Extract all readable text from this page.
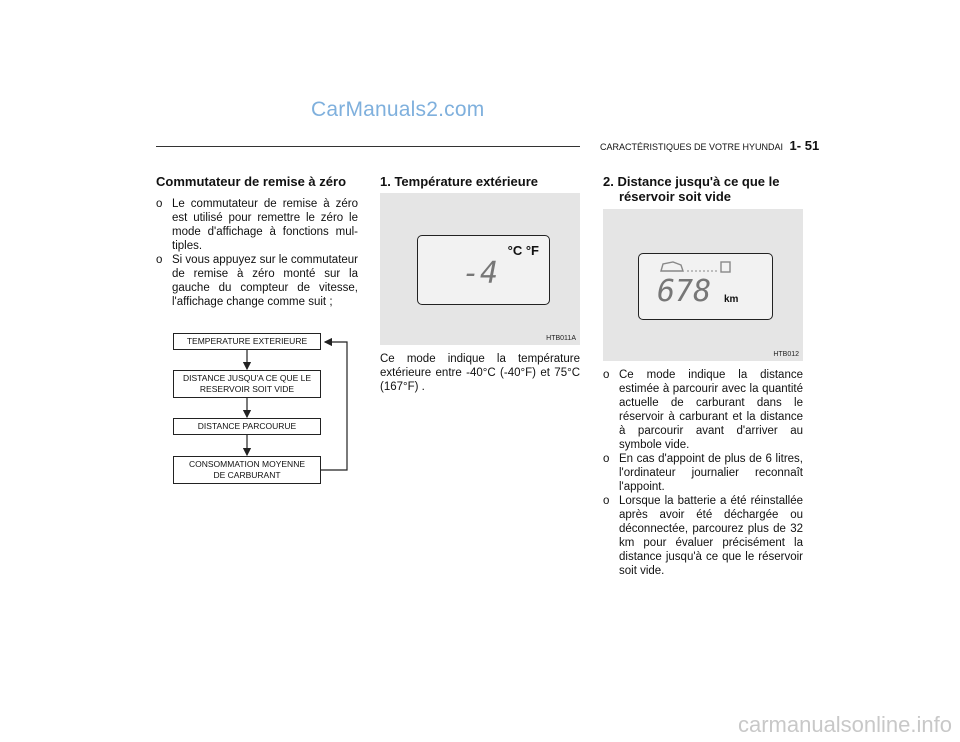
CarManuals2.com
CARACTÉRISTIQUES DE VOTRE HYUNDAI 1- 51
Commutateur de remise à zéro
o Le commutateur de remise à zéro est utilisé pour remettre le zéro le mode d'affichage à fonctions mul-tiples.
o Si vous appuyez sur le commutateur de remise à zéro monté sur la gauche du compteur de vitesse, l'affichage change comme suit ;
TEMPERATURE EXTERIEURE
DISTANCE JUSQU'A CE QUE LE RESERVOIR SOIT VIDE
DISTANCE PARCOURUE
CONSOMMATION MOYENNE DE CARBURANT
1. Température extérieure
°C °F
-4
HTB011A
Ce mode indique la température extérieure entre -40°C (-40°F) et 75°C (167°F) .
2. Distance jusqu'à ce que le réservoir soit vide
678 km
HTB012
o Ce mode indique la distance estimée à parcourir avec la quantité actuelle de carburant dans le réservoir à carburant et la distance à parcourir avant d'arriver au symbole vide.
o En cas d'appoint de plus de 6 litres, l'ordinateur journalier reconnaît l'appoint.
o Lorsque la batterie a été réinstallée après avoir été déchargée ou déconnectée, parcourez plus de 32 km pour évaluer précisément la distance jusqu'à ce que le réservoir soit vide.
carmanualsonline.info
